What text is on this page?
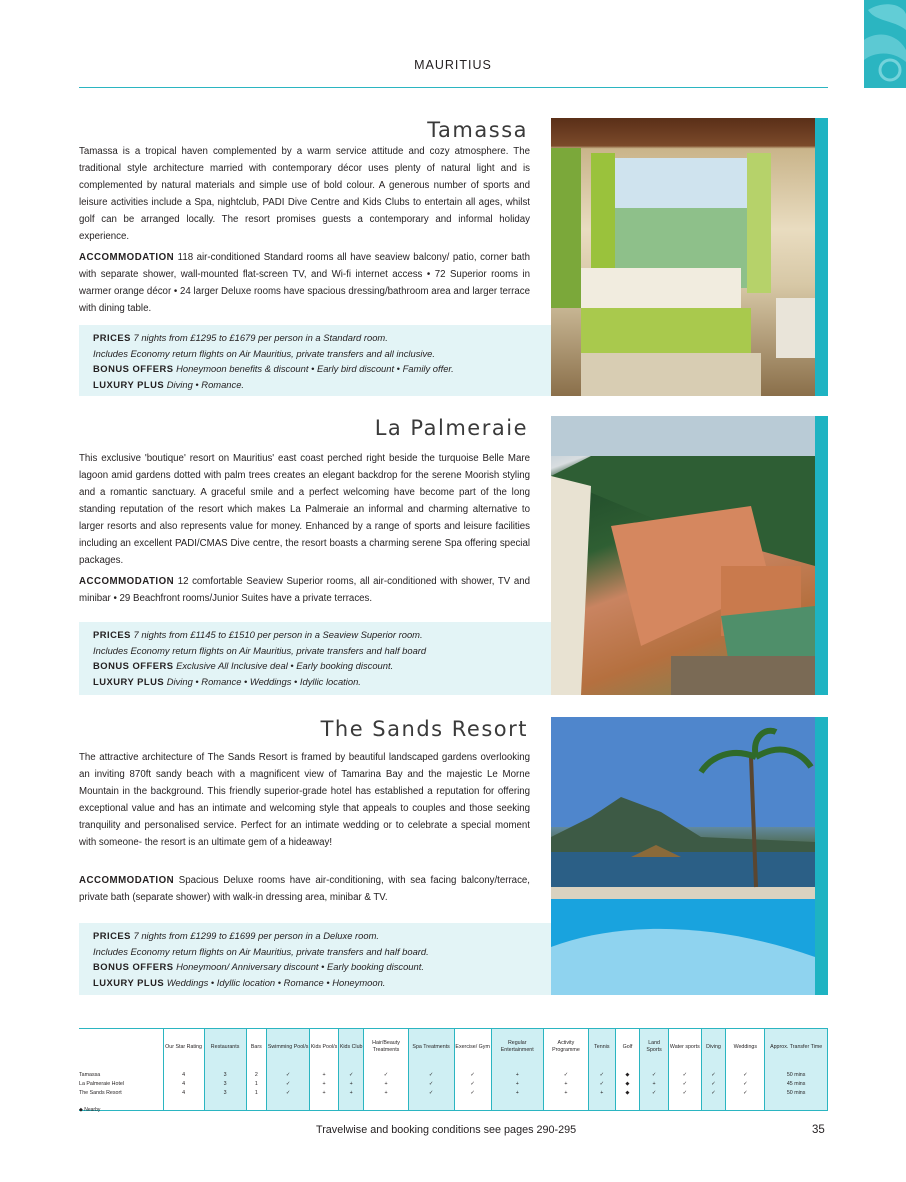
MAURITIUS
Tamassa

Tamassa is a tropical haven complemented by a warm service attitude and cozy atmosphere. The traditional style architecture married with contemporary décor uses plenty of natural light and is complemented by natural materials and simple use of bold colour. A generous number of sports and leisure activities include a Spa, nightclub, PADI Dive Centre and Kids Clubs to entertain all ages, whilst golf can be arranged locally. The resort promises guests a contemporary and informal holiday experience.

ACCOMMODATION 118 air-conditioned Standard rooms all have seaview balcony/ patio, corner bath with separate shower, wall-mounted flat-screen TV, and Wi-fi internet access • 72 Superior rooms in warmer orange décor • 24 larger Deluxe rooms have spacious dressing/bathroom area and larger terrace with dining table.

PRICES 7 nights from £1295 to £1679 per person in a Standard room.
Includes Economy return flights on Air Mauritius, private transfers and all inclusive.
BONUS OFFERS Honeymoon benefits & discount • Early bird discount • Family offer.
LUXURY PLUS Diving • Romance.
La Palmeraie

This exclusive 'boutique' resort on Mauritius' east coast perched right beside the turquoise Belle Mare lagoon amid gardens dotted with palm trees creates an elegant backdrop for the serene Moorish styling and a romantic sanctuary. A graceful smile and a perfect welcoming have become part of the long standing reputation of the resort which makes La Palmeraie an informal and charming alternative to larger resorts and also represents value for money. Enhanced by a range of sports and leisure facilities including an excellent PADI/CMAS Dive centre, the resort boasts a charming serene Spa offering special packages.

ACCOMMODATION 12 comfortable Seaview Superior rooms, all air-conditioned with shower, TV and minibar • 29 Beachfront rooms/Junior Suites have a private terraces.

PRICES 7 nights from £1145 to £1510 per person in a Seaview Superior room.
Includes Economy return flights on Air Mauritius, private transfers and half board
BONUS OFFERS Exclusive All Inclusive deal • Early booking discount.
LUXURY PLUS Diving • Romance • Weddings • Idyllic location.
The Sands Resort

The attractive architecture of The Sands Resort is framed by beautiful landscaped gardens overlooking an inviting 870ft sandy beach with a magnificent view of Tamarina Bay and the majestic Le Morne Mountain in the background. This friendly superior-grade hotel has established a reputation for offering exceptional value and has an intimate and welcoming style that appeals to couples and those seeking tranquility and personalised service. Perfect for an intimate wedding or to celebrate a special moment with someone- the resort is an ultimate gem of a hideaway!

ACCOMMODATION Spacious Deluxe rooms have air-conditioning, with sea facing balcony/terrace, private bath (separate shower) with walk-in dressing area, minibar & TV.

PRICES 7 nights from £1299 to £1699 per person in a Deluxe room.
Includes Economy return flights on Air Mauritius, private transfers and half board.
BONUS OFFERS Honeymoon/ Anniversary discount • Early booking discount.
LUXURY PLUS Weddings • Idyllic location • Romance • Honeymoon.
	Our Star Rating	Restaurants	Bars	Swimming Pool/s	Kids Pool/s	Kids Club	Hair/Beauty Treatments	Spa Treatments	Exercise/ Gym	Regular Entertainment	Activity Programme	Tennis	Golf	Land Sports	Water sports	Diving	Weddings	Approx. Transfer Time

Tamassa	4	3	2	✓	+	✓	✓	✓	✓	+	✓	✓	◆	✓	✓	✓	✓	50 mins
La Palmeraie Hotel	4	3	1	✓	+	+	+	✓	✓	+	+	✓	◆	+	✓	✓	✓	45 mins
The Sands Resort	4	3	1	✓	+	+	+	✓	✓	+	+	+	◆	✓	✓	✓	✓	50 mins

◆ Nearby
Travelwise and booking conditions see pages 290-295	35
